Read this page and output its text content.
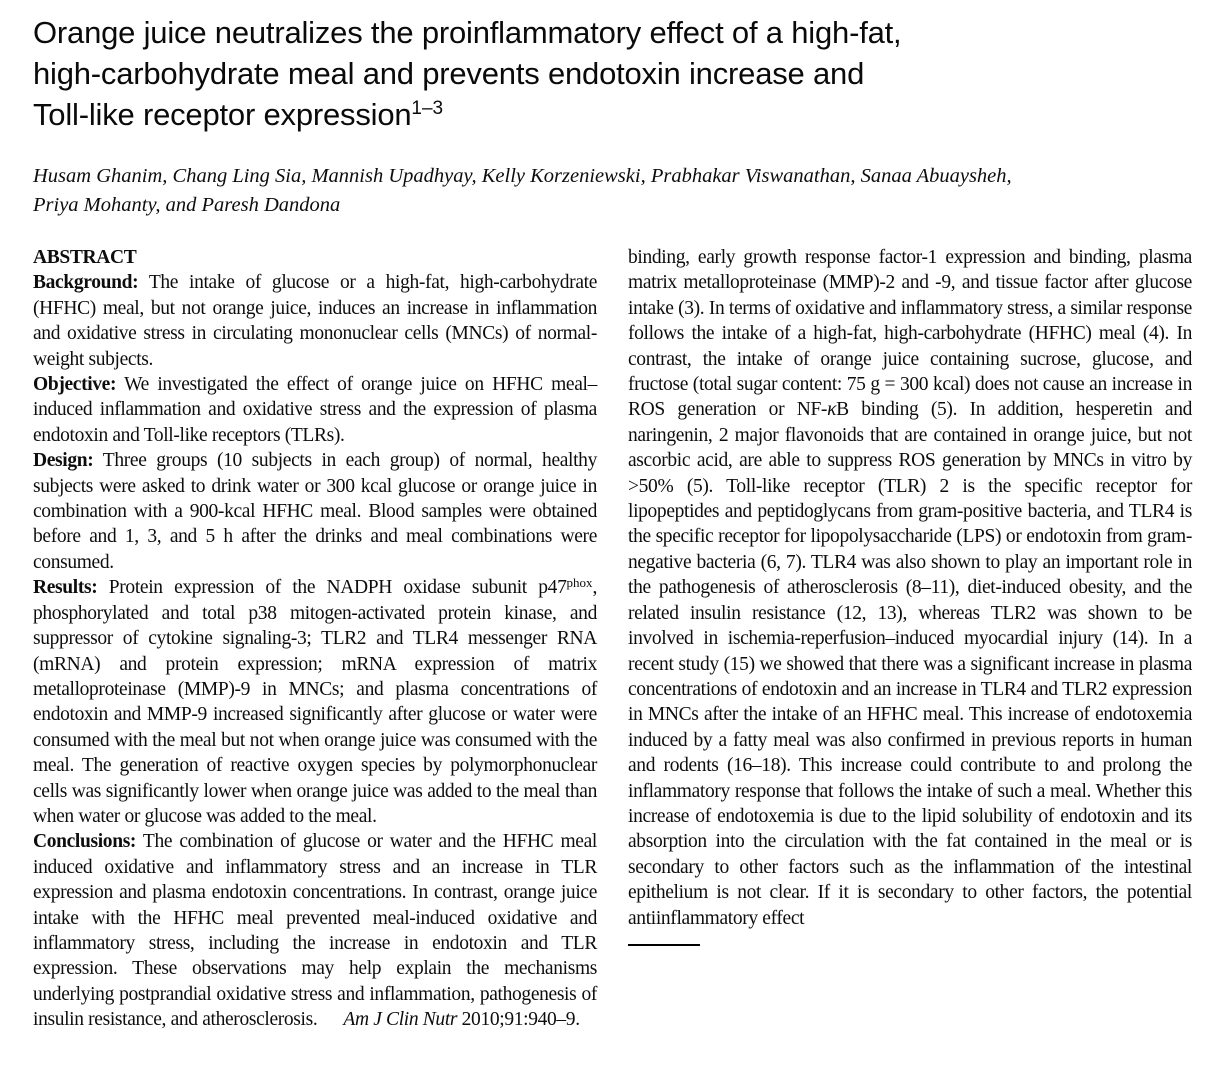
Orange juice neutralizes the proinflammatory effect of a high-fat,
high-carbohydrate meal and prevents endotoxin increase and
Toll-like receptor expression$^{1-3}$
Husam Ghanim, Chang Ling Sia, Mannish Upadhyay, Kelly Korzeniewski, Prabhakar Viswanathan, Sanaa Abuaysheh,
Priya Mohanty, and Paresh Dandona
ABSTRACT

Background: The intake of glucose or a high-fat, high-carbohydrate (HFHC) meal, but not orange juice, induces an increase in inflammation and oxidative stress in circulating mononuclear cells (MNCs) of normal-weight subjects.

Objective: We investigated the effect of orange juice on HFHC meal–induced inflammation and oxidative stress and the expression of plasma endotoxin and Toll-like receptors (TLRs).

Design: Three groups (10 subjects in each group) of normal, healthy subjects were asked to drink water or 300 kcal glucose or orange juice in combination with a 900-kcal HFHC meal. Blood samples were obtained before and 1, 3, and 5 h after the drinks and meal combinations were consumed.

Results: Protein expression of the NADPH oxidase subunit $p47^{phox}$, phosphorylated and total p38 mitogen-activated protein kinase, and suppressor of cytokine signaling-3; TLR2 and TLR4 messenger RNA (mRNA) and protein expression; mRNA expression of matrix metalloproteinase (MMP)-9 in MNCs; and plasma concentrations of endotoxin and MMP-9 increased significantly after glucose or water were consumed with the meal but not when orange juice was consumed with the meal. The generation of reactive oxygen species by polymorphonuclear cells was significantly lower when orange juice was added to the meal than when water or glucose was added to the meal.

Conclusions: The combination of glucose or water and the HFHC meal induced oxidative and inflammatory stress and an increase in TLR expression and plasma endotoxin concentrations. In contrast, orange juice intake with the HFHC meal prevented meal-induced oxidative and inflammatory stress, including the increase in endotoxin and TLR expression. These observations may help explain the mechanisms underlying postprandial oxidative stress and inflammation, pathogenesis of insulin resistance, and atherosclerosis. Am J Clin Nutr 2010;91:940–9.

binding, early growth response factor-1 expression and binding, plasma matrix metalloproteinase (MMP)-2 and -9, and tissue factor after glucose intake (3). In terms of oxidative and inflammatory stress, a similar response follows the intake of a high-fat, high-carbohydrate (HFHC) meal (4). In contrast, the intake of orange juice containing sucrose, glucose, and fructose (total sugar content: 75 g = 300 kcal) does not cause an increase in ROS generation or NF-κB binding (5). In addition, hesperetin and naringenin, 2 major flavonoids that are contained in orange juice, but not ascorbic acid, are able to suppress ROS generation by MNCs in vitro by >50% (5). Toll-like receptor (TLR) 2 is the specific receptor for lipopeptides and peptidoglycans from gram-positive bacteria, and TLR4 is the specific receptor for lipopolysaccharide (LPS) or endotoxin from gram-negative bacteria (6, 7). TLR4 was also shown to play an important role in the pathogenesis of atherosclerosis (8–11), diet-induced obesity, and the related insulin resistance (12, 13), whereas TLR2 was shown to be involved in ischemia-reperfusion–induced myocardial injury (14). In a recent study (15) we showed that there was a significant increase in plasma concentrations of endotoxin and an increase in TLR4 and TLR2 expression in MNCs after the intake of an HFHC meal. This increase of endotoxemia induced by a fatty meal was also confirmed in previous reports in human and rodents (16–18). This increase could contribute to and prolong the inflammatory response that follows the intake of such a meal. Whether this increase of endotoxemia is due to the lipid solubility of endotoxin and its absorption into the circulation with the fat contained in the meal or is secondary to other factors such as the inflammation of the intestinal epithelium is not clear. If it is secondary to other factors, the potential antiinflammatory effect
